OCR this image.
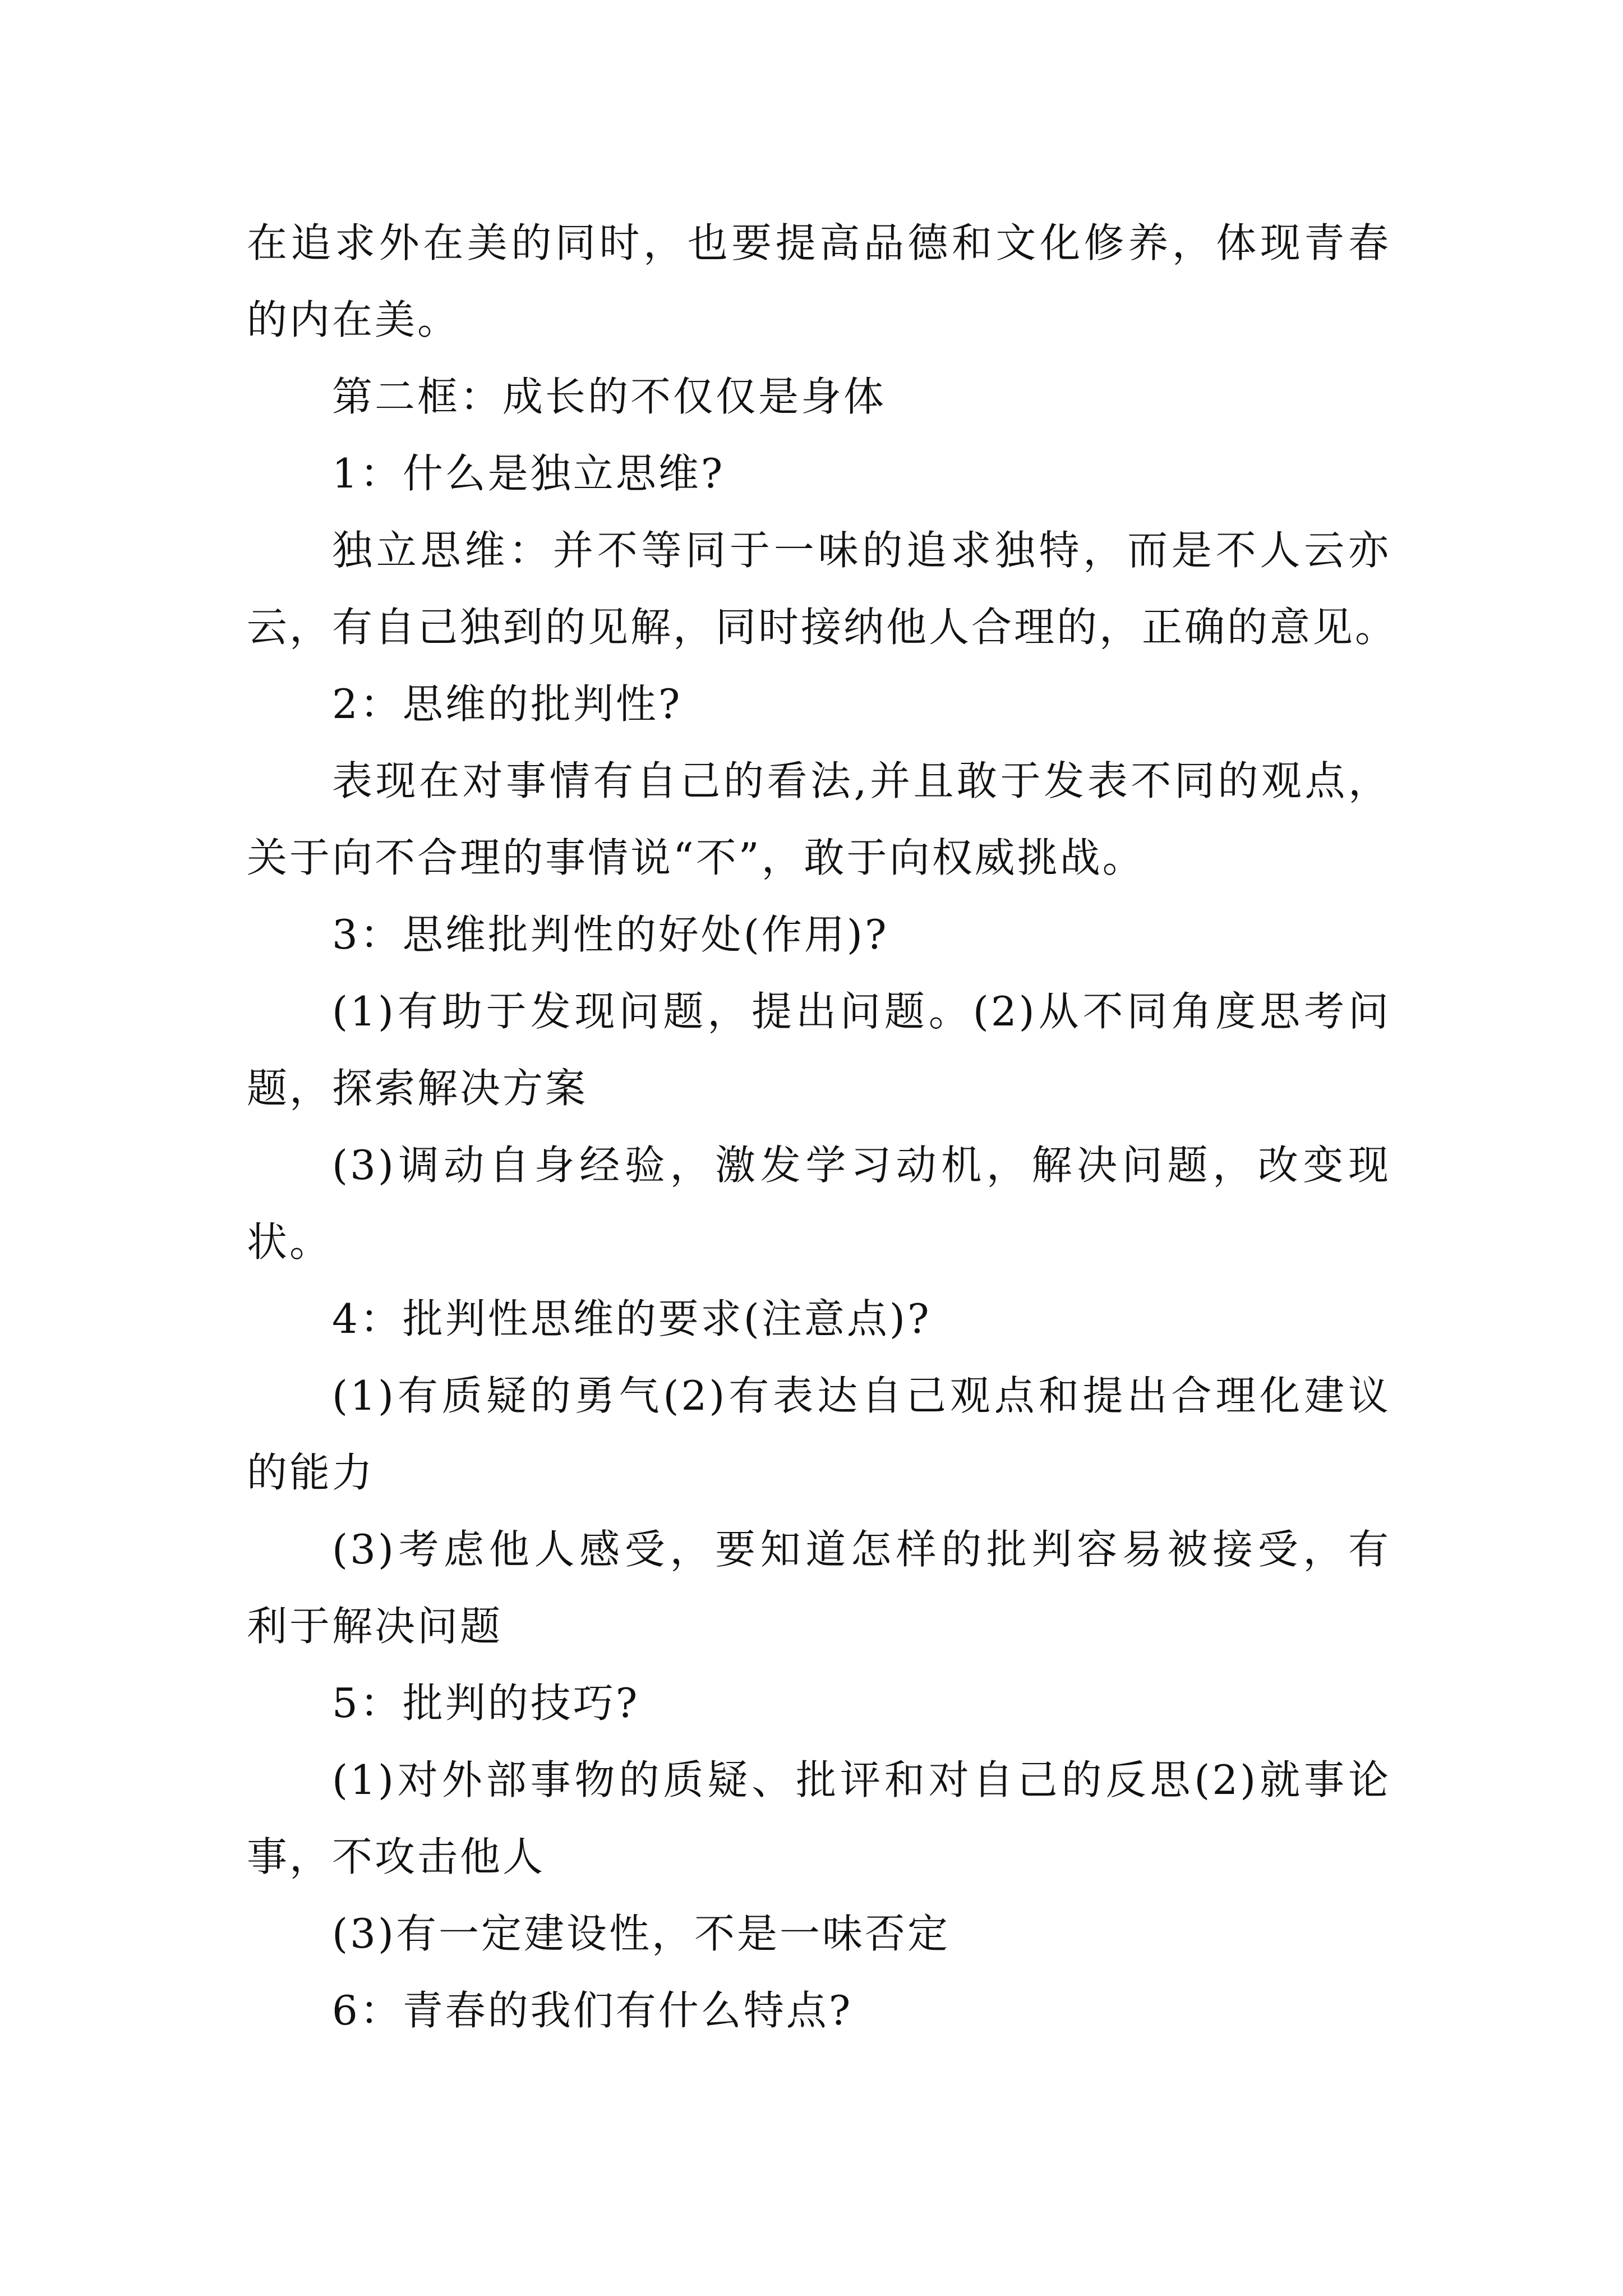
在追求外在美的同时，也要提高品德和文化修养，体现青春
的内在美。
第二框：成长的不仅仅是身体
1：什么是独立思维?
独立思维：并不等同于一味的追求独特，而是不人云亦
云，有自己独到的见解，同时接纳他人合理的，正确的意见。
2：思维的批判性?
表现在对事情有自己的看法,并且敢于发表不同的观点，
关于向不合理的事情说“不”，敢于向权威挑战。
3：思维批判性的好处(作用)?
(1)有助于发现问题，提出问题。(2)从不同角度思考问
题，探索解决方案
(3)调动自身经验，激发学习动机，解决问题，改变现
状。
4：批判性思维的要求(注意点)?
(1)有质疑的勇气(2)有表达自己观点和提出合理化建议
的能力
(3)考虑他人感受，要知道怎样的批判容易被接受，有
利于解决问题
5：批判的技巧?
(1)对外部事物的质疑、批评和对自己的反思(2)就事论
事，不攻击他人
(3)有一定建设性，不是一味否定
6：青春的我们有什么特点?
